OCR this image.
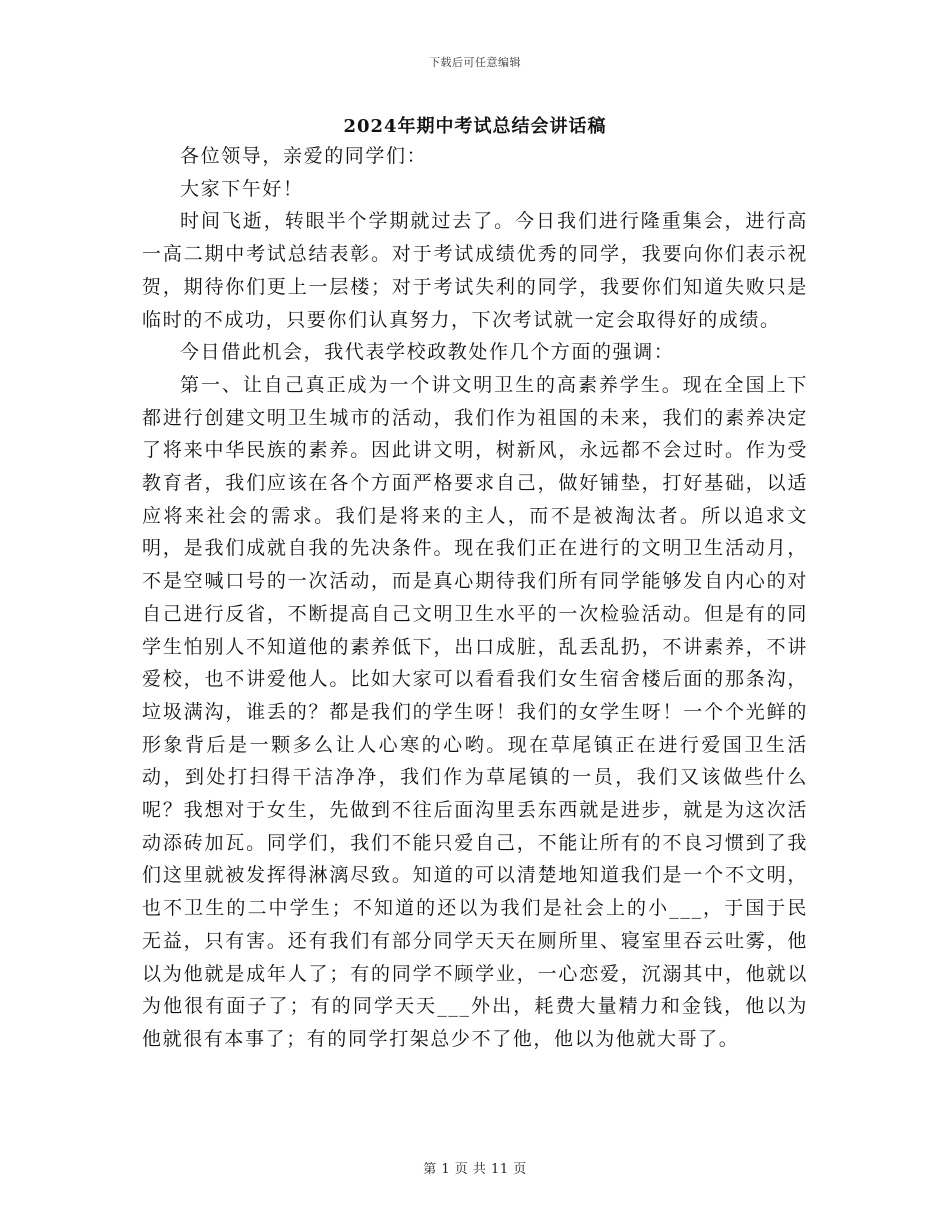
下载后可任意编辑
2024年期中考试总结会讲话稿

各位领导，亲爱的同学们：

大家下午好！

时间飞逝，转眼半个学期就过去了。今日我们进行隆重集会，进行高一高二期中考试总结表彰。对于考试成绩优秀的同学，我要向你们表示祝贺，期待你们更上一层楼；对于考试失利的同学，我要你们知道失败只是临时的不成功，只要你们认真努力，下次考试就一定会取得好的成绩。

今日借此机会，我代表学校政教处作几个方面的强调：

第一、让自己真正成为一个讲文明卫生的高素养学生。现在全国上下都进行创建文明卫生城市的活动，我们作为祖国的未来，我们的素养决定了将来中华民族的素养。因此讲文明，树新风，永远都不会过时。作为受教育者，我们应该在各个方面严格要求自己，做好铺垫，打好基础，以适应将来社会的需求。我们是将来的主人，而不是被淘汰者。所以追求文明，是我们成就自我的先决条件。现在我们正在进行的文明卫生活动月，不是空喊口号的一次活动，而是真心期待我们所有同学能够发自内心的对自己进行反省，不断提高自己文明卫生水平的一次检验活动。但是有的同学生怕别人不知道他的素养低下，出口成脏，乱丢乱扔，不讲素养，不讲爱校，也不讲爱他人。比如大家可以看看我们女生宿舍楼后面的那条沟，垃圾满沟，谁丢的？都是我们的学生呀！我们的女学生呀！一个个光鲜的形象背后是一颗多么让人心寒的心哟。现在草尾镇正在进行爱国卫生活动，到处打扫得干洁净净，我们作为草尾镇的一员，我们又该做些什么呢？我想对于女生，先做到不往后面沟里丢东西就是进步，就是为这次活动添砖加瓦。同学们，我们不能只爱自己，不能让所有的不良习惯到了我们这里就被发挥得淋漓尽致。知道的可以清楚地知道我们是一个不文明，也不卫生的二中学生；不知道的还以为我们是社会上的小___，于国于民无益，只有害。还有我们有部分同学天天在厕所里、寝室里吞云吐雾，他以为他就是成年人了；有的同学不顾学业，一心恋爱，沉溺其中，他就以为他很有面子了；有的同学天天___外出，耗费大量精力和金钱，他以为他就很有本事了；有的同学打架总少不了他，他以为他就大哥了。

第 1 页 共 11 页
